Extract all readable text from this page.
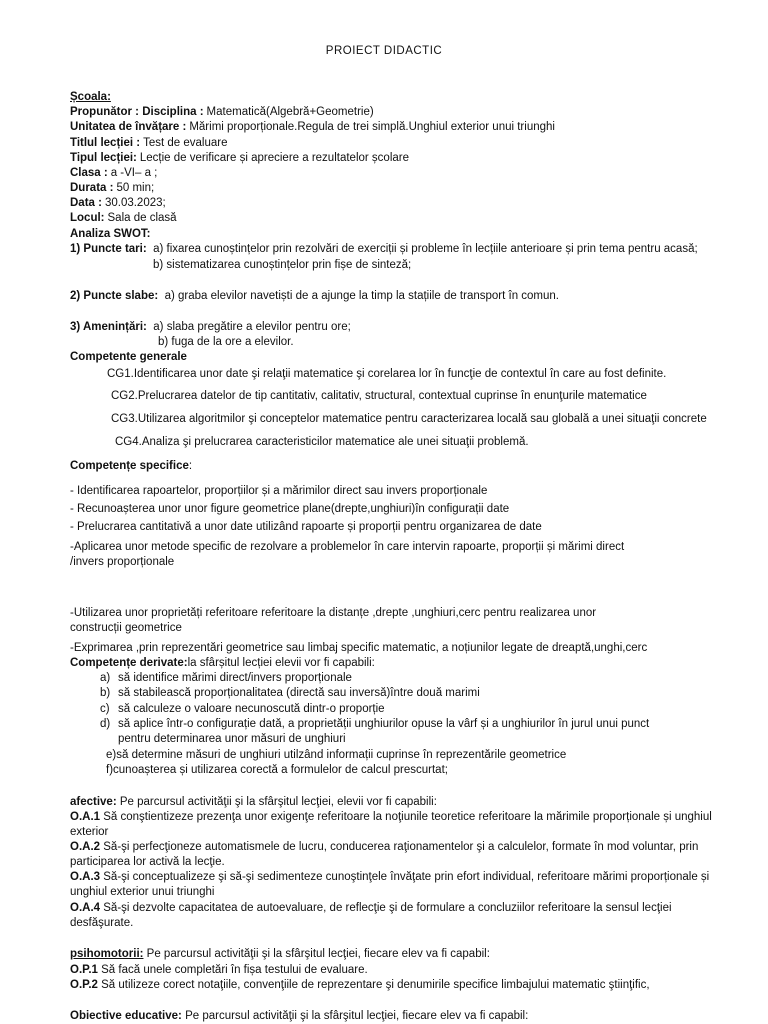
PROIECT DIDACTIC
Școala:
Propunător : Disciplina : Matematică(Algebră+Geometrie)
Unitatea de învățare : Mărimi proporționale.Regula de trei simplă.Unghiul exterior unui triunghi
Titlul lecției : Test de evaluare
Tipul lecției: Lecție de verificare și apreciere a rezultatelor școlare
Clasa : a -VI– a ;
Durata : 50 min;
Data : 30.03.2023;
Locul: Sala de clasă
Analiza SWOT:
1) Puncte tari: a) fixarea cunoștințelor prin rezolvări de exerciții și probleme în lecțiile anterioare și prin tema pentru acasă;
b) sistematizarea cunoștințelor prin fișe de sinteză;
2) Puncte slabe: a) graba elevilor navetiști de a ajunge la timp la stațiile de transport în comun.
3) Amenințări: a) slaba pregătire a elevilor pentru ore;
b) fuga de la ore a elevilor.
Competente generale
CG1.Identificarea unor date şi relaţii matematice şi corelarea lor în funcţie de contextul în care au fost definite.
CG2.Prelucrarea datelor de tip cantitativ, calitativ, structural, contextual cuprinse în enunţurile matematice
CG3.Utilizarea algoritmilor şi conceptelor matematice pentru caracterizarea locală sau globală a unei situaţii concrete
CG4.Analiza şi prelucrarea caracteristicilor matematice ale unei situaţii problemă.
Competențe specifice:
- Identificarea rapoartelor, proporțiilor și a mărimilor direct sau invers proporționale
- Recunoașterea unor unor figure geometrice plane(drepte,unghiuri)în configurații date
- Prelucrarea cantitativă a unor date utilizând rapoarte și proporții pentru organizarea de date
-Aplicarea unor metode specific de rezolvare a problemelor în care intervin rapoarte, proporții și mărimi direct
/invers proporționale
-Utilizarea unor proprietăți referitoare referitoare la distanțe ,drepte ,unghiuri,cerc pentru realizarea unor
construcții geometrice
-Exprimarea ,prin reprezentări geometrice sau limbaj specific matematic, a noțiunilor legate de dreaptă,unghi,cerc
Competențe derivate:la sfârșitul lecției elevii vor fi capabili:
a) să identifice mărimi direct/invers proporționale
b) să stabilească proporționalitatea (directă sau inversă)între două marimi
c) să calculeze o valoare necunoscută dintr-o proporție
d) să aplice într-o configurație dată, a proprietății unghiurilor opuse la vârf și a unghiurilor în jurul unui punct
pentru determinarea unor măsuri de unghiuri
e)să determine măsuri de unghiuri utilzând informații cuprinse în reprezentările geometrice
f)cunoașterea și utilizarea corectă a formulelor de calcul prescurtat;
afective: Pe parcursul activităţii şi la sfârşitul lecţiei, elevii vor fi capabili:
O.A.1 Să conştientizeze prezenţa unor exigenţe referitoare la noţiunile teoretice referitoare la mărimile proporționale și unghiul
exterior
O.A.2 Să-şi perfecţioneze automatismele de lucru, conducerea raţionamentelor şi a calculelor, formate în mod voluntar, prin
participarea lor activă la lecţie.
O.A.3 Să-şi conceptualizeze şi să-şi sedimenteze cunoştinţele învăţate prin efort individual, referitoare mărimi proporționale și
unghiul exterior unui triunghi
O.A.4 Să-şi dezvolte capacitatea de autoevaluare, de reflecţie şi de formulare a concluziilor referitoare la sensul lecţiei
desfăşurate.
psihomotorii: Pe parcursul activităţii şi la sfârşitul lecţiei, fiecare elev va fi capabil:
O.P.1 Să facă unele completări în fișa testului de evaluare.
O.P.2 Să utilizeze corect notaţiile, convenţiile de reprezentare şi denumirile specifice limbajului matematic ştiinţific,
Obiective educative: Pe parcursul activităţii şi la sfârşitul lecţiei, fiecare elev va fi capabil:
